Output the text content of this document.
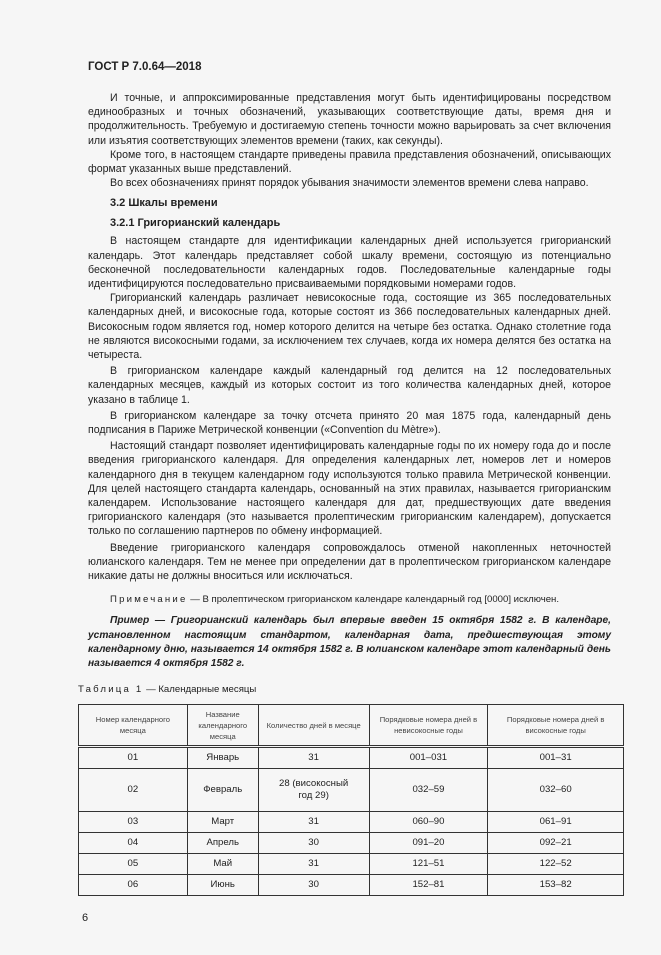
ГОСТ Р 7.0.64—2018

И точные, и аппроксимированные представления могут быть идентифицированы посредством единообразных и точных обозначений, указывающих соответствующие даты, время дня и продолжительность. Требуемую и достигаемую степень точности можно варьировать за счет включения или изъятия соответствующих элементов времени (таких, как секунды).

Кроме того, в настоящем стандарте приведены правила представления обозначений, описывающих формат указанных выше представлений.

Во всех обозначениях принят порядок убывания значимости элементов времени слева направо.

3.2 Шкалы времени
3.2.1 Григорианский календарь

В настоящем стандарте для идентификации календарных дней используется григорианский календарь. Этот календарь представляет собой шкалу времени, состоящую из потенциально бесконечной последовательности календарных годов. Последовательные календарные годы идентифицируются последовательно присваиваемыми порядковыми номерами годов.

Григорианский календарь различает невисокосные года, состоящие из 365 последовательных календарных дней, и високосные года, которые состоят из 366 последовательных календарных дней. Високосным годом является год, номер которого делится на четыре без остатка. Однако столетние года не являются високосными годами, за исключением тех случаев, когда их номера делятся без остатка на четыреста.

В григорианском календаре каждый календарный год делится на 12 последовательных календарных месяцев, каждый из которых состоит из того количества календарных дней, которое указано в таблице 1.

В григорианском календаре за точку отсчета принято 20 мая 1875 года, календарный день подписания в Париже Метрической конвенции («Convention du Mètre»).

Настоящий стандарт позволяет идентифицировать календарные годы по их номеру года до и после введения григорианского календаря. Для определения календарных лет, номеров лет и номеров календарного дня в текущем календарном году используются только правила Метрической конвенции. Для целей настоящего стандарта календарь, основанный на этих правилах, называется григорианским календарем. Использование настоящего календаря для дат, предшествующих дате введения григорианского календаря (это называется пролептическим григорианским календарем), допускается только по соглашению партнеров по обмену информацией.

Введение григорианского календаря сопровождалось отменой накопленных неточностей юлианского календаря. Тем не менее при определении дат в пролептическом григорианском календаре никакие даты не должны вноситься или исключаться.

Примечание — В пролептическом григорианском календаре календарный год [0000] исключен.

Пример — Григорианский календарь был впервые введен 15 октября 1582 г. В календаре, установленном настоящим стандартом, календарная дата, предшествующая этому календарному дню, называется 14 октября 1582 г. В юлианском календаре этот календарный день называется 4 октября 1582 г.

Таблица 1 — Календарные месяцы
Номер календарного месяца	Название календарного месяца	Количество дней в месяце	Порядковые номера дней в невисокосные годы	Порядковые номера дней в високосные годы
01	Январь	31	001–031	001–31
02	Февраль	28 (високосный год 29)	032–59	032–60
03	Март	31	060–90	061–91
04	Апрель	30	091–20	092–21
05	Май	31	121–51	122–52
06	Июнь	30	152–81	153–82
6
